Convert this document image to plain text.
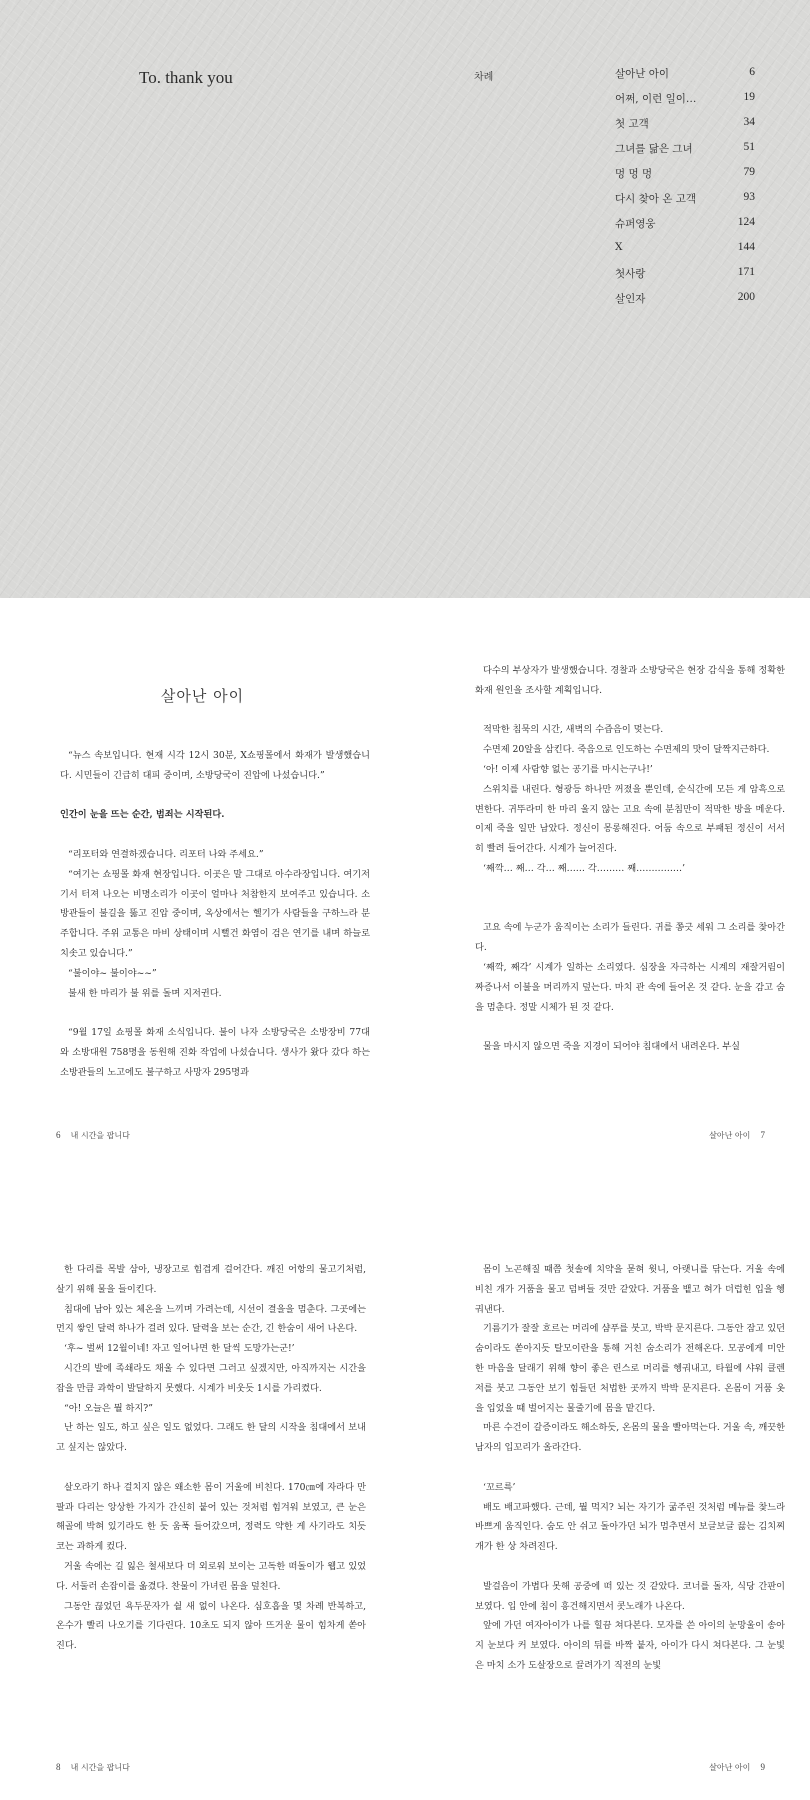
To. thank you	차례	살아난 아이	6
어쩌, 이런 일이…	19
첫 고객	34
그녀를 닮은 그녀	51
멍 멍 멍	79
다시 찾아 온 고객	93
슈퍼영웅	124
X	144
첫사랑	171
살인자	200
살아난 아이

“뉴스 속보입니다. 현재 시각 12시 30분, X쇼핑몰에서 화재가 발생했습니다. 시민들이 긴급히 대피 중이며, 소방당국이 진압에 나섰습니다.”

인간이 눈을 뜨는 순간, 범죄는 시작된다.

“리포터와 연결하겠습니다. 리포터 나와 주세요.”

“여기는 쇼핑몰 화재 현장입니다. 이곳은 말 그대로 아수라장입니다. 여기저기서 터져 나오는 비명소리가 이곳이 얼마나 처참한지 보여주고 있습니다. 소방관들이 불길을 뚫고 진압 중이며, 옥상에서는 헬기가 사람들을 구하느라 분주합니다. 주위 교통은 마비 상태이며 시뻘건 화염이 검은 연기를 내며 하늘로 치솟고 있습니다.”

“불이야~ 불이야~~”

불새 한 마리가 불 위를 돌며 지저귄다.

“9월 17일 쇼핑몰 화재 소식입니다. 불이 나자 소방당국은 소방장비 77대와 소방대원 758명을 동원해 진화 작업에 나섰습니다. 생사가 왔다 갔다 하는 소방관들의 노고에도 불구하고 사망자 295명과

6 내 시간을 팝니다

다수의 부상자가 발생했습니다. 경찰과 소방당국은 현장 감식을 통해 정확한 화재 원인을 조사할 계획입니다.

적막한 침묵의 시간, 새벽의 수즙음이 멎는다.

수면제 20알을 삼킨다. 죽음으로 인도하는 수면제의 맛이 달짝지근하다.

‘아! 이제 사람향 없는 공기를 마시는구나!’

스위치를 내린다. 형광등 하나만 꺼졌을 뿐인데, 순식간에 모든 게 암흑으로 변한다. 귀뚜라미 한 마리 울지 않는 고요 속에 분침만이 적막한 방을 메운다. 이제 죽을 일만 남았다. 정신이 몽롱해진다. 어둠 속으로 부패된 정신이 서서히 빨려 들어간다. 시계가 늘어진다.

‘째깍… 째… 각… 째…… 각……… 째……………’

고요 속에 누군가 움직이는 소리가 들린다. 귀를 쫑긋 세워 그 소리를 찾아간다.

‘째깍, 째각’ 시계가 일하는 소리였다. 심장을 자극하는 시계의 재잘거림이 짜증나서 이불을 머리까지 덮는다. 마치 관 속에 들어온 것 같다. 눈을 감고 숨을 멈춘다. 정말 시체가 된 것 같다.

물을 마시지 않으면 죽을 지경이 되어야 침대에서 내려온다. 부실

살아난 아이 7

한 다리를 목발 삼아, 냉장고로 힘겹게 걸어간다. 깨진 어항의 물고기처럼, 살기 위해 물을 들이킨다.

침대에 남아 있는 체온을 느끼며 가려는데, 시선이 결을을 멈춘다. 그곳에는 먼지 쌓인 달력 하나가 걸려 있다. 달력을 보는 순간, 긴 한숨이 새어 나온다.

‘후~ 벌써 12월이네! 자고 일어나면 한 달씩 도망가는군!’

시간의 발에 족쇄라도 채울 수 있다면 그러고 싶겠지만, 아직까지는 시간을 잡을 만큼 과학이 발달하지 못했다. 시계가 비웃듯 1시를 가리켰다.

“아! 오늘은 뭘 하지?”

난 하는 일도, 하고 싶은 일도 없었다. 그래도 한 달의 시작을 침대에서 보내고 싶지는 않았다.

살오라기 하나 걸치지 않은 왜소한 몸이 거울에 비친다. 170㎝에 자라다 만 팔과 다리는 앙상한 가지가 간신히 붙어 있는 것처럼 힘겨워 보였고, 큰 눈은 해골에 박혀 있기라도 한 듯 움푹 들어갔으며, 정력도 약한 게 사기라도 치듯 코는 과하게 컸다.

거울 속에는 길 잃은 철새보다 더 외로워 보이는 고독한 떠돌이가 웹고 있었다. 서둘러 손잡이를 옮겼다. 찬물이 가녀린 몸을 덮친다.

그동안 끊었던 욕두문자가 쉴 새 없이 나온다. 심호흡을 몇 차례 반복하고, 온수가 빨리 나오기를 기다린다. 10초도 되지 않아 뜨거운 물이 힘차게 쏟아진다.

8 내 시간을 팝니다

몸이 노곤해질 때쯤 첫솔에 치약을 묻혀 윗니, 아랫니를 닦는다. 거울 속에 비친 개가 거품을 물고 덤벼들 것만 같았다. 거품을 뱉고 혀가 더럽힌 입을 헹궈낸다.

기름기가 잘잘 흐르는 머리에 샴푸를 붓고, 박박 문지른다. 그동안 잠고 있던 숨이라도 쏟아지듯 탈모이란을 통해 거친 숨소리가 전해온다. 모공에게 미안한 마음을 달래기 위해 향이 좋은 린스로 머리를 헹궈내고, 타월에 샤워 클렌저를 붓고 그동안 보기 힘들던 처법한 곳까지 박박 문지른다. 온몸이 거품 옷을 입었을 때 벌어지는 물줄기에 몸을 맡긴다.

마른 수건이 갈증이라도 해소하듯, 온몸의 물을 빨아먹는다. 거울 속, 깨끗한 남자의 입꼬리가 올라간다.

‘꼬르륵’

배도 배고파했다. 근데, 뭘 먹지? 뇌는 자기가 굶주린 것처럼 메뉴를 찾느라 바쁘게 움직인다. 숨도 안 쉬고 돌아가던 뇌가 멈추면서 보글보글 끓는 김치찌개가 한 상 차려진다.

발걸음이 가볍다 못해 공중에 떠 있는 것 같았다. 코너를 돌자, 식당 간판이 보였다. 입 안에 침이 흥건해지면서 콧노래가 나온다.

앞에 가던 여자아이가 나를 힐끔 쳐다본다. 모자를 쓴 아이의 눈망울이 송아지 눈보다 커 보였다. 아이의 뒤를 바짝 붙자, 아이가 다시 쳐다본다. 그 눈빛은 마치 소가 도살장으로 끌려가기 직전의 눈빛

살아난 아이 9
